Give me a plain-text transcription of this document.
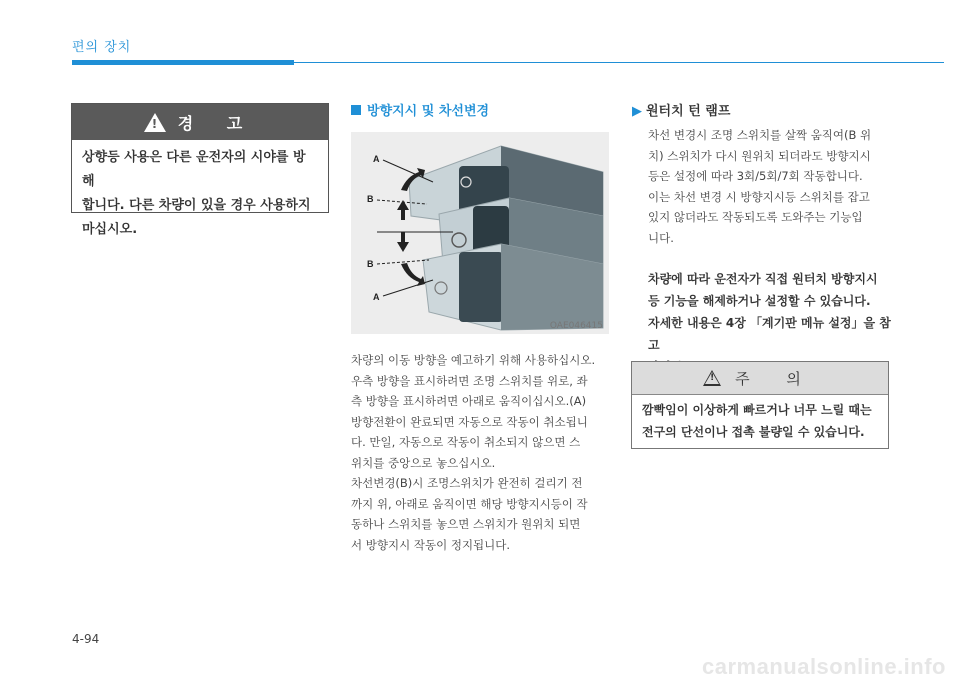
편의 장치
! 경 고
상향등 사용은 다른 운전자의 시야를 방해
합니다. 다른 차량이 있을 경우 사용하지
마십시오.
방향지시 및 차선변경
A
B
B
A
OAE046415

차량의 이동 방향을 예고하기 위해 사용하십시오.

우측 방향을 표시하려면 조명 스위치를 위로, 좌

측 방향을 표시하려면 아래로 움직이십시오.(A)

방향전환이 완료되면 자동으로 작동이 취소됩니

다. 만일, 자동으로 작동이 취소되지 않으면 스

위치를 중앙으로 놓으십시오.

차선변경(B)시 조명스위치가 완전히 걸리기 전

까지 위, 아래로 움직이면 해당 방향지시등이 작

동하나 스위치를 놓으면 스위치가 원위치 되면

서 방향지시 작동이 정지됩니다.

▶ 원터치 턴 램프
차선 변경시 조명 스위치를 살짝 움직여(B 위
치) 스위치가 다시 원위치 되더라도 방향지시
등은 설정에 따라 3회/5회/7회 작동합니다.
이는 차선 변경 시 방향지시등 스위치를 잡고
있지 않더라도 작동되도록 도와주는 기능입
니다.
차량에 따라 운전자가 직접 원터치 방향지시
등 기능을 해제하거나 설정할 수 있습니다.
자세한 내용은 4장 「계기판 메뉴 설정」을 참고
! 주 의
깜빡임이 이상하게 빠르거나 너무 느릴 때는
전구의 단선이나 접촉 불량일 수 있습니다.
4-94
carmanualsonline.info
